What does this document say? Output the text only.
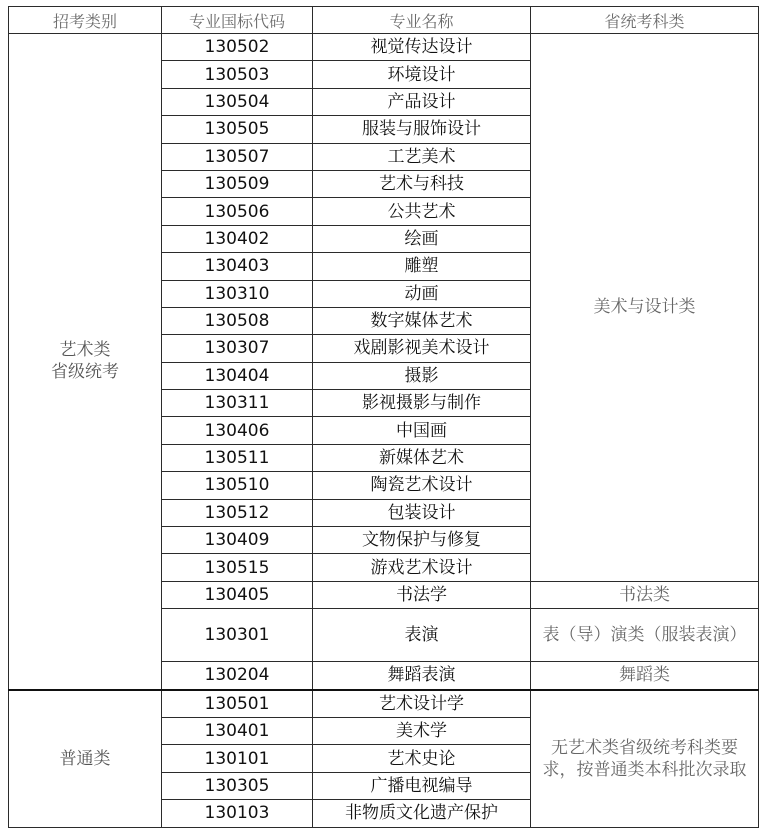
招考类别	专业国标代码	专业名称	省统考科类

艺术类
省级统考	130502	视觉传达设计	美术与设计类
	130503	环境设计	
	130504	产品设计	
	130505	服装与服饰设计	
	130507	工艺美术	
	130509	艺术与科技	
	130506	公共艺术	
	130402	绘画	
	130403	雕塑	
	130310	动画	
	130508	数字媒体艺术	
	130307	戏剧影视美术设计	
	130404	摄影	
	130311	影视摄影与制作	
	130406	中国画	
	130511	新媒体艺术	
	130510	陶瓷艺术设计	
	130512	包装设计	
	130409	文物保护与修复	
	130515	游戏艺术设计	
	130405	书法学	书法类
	130301	表演	表（导）演类（服装表演）
	130204	舞蹈表演	舞蹈类
普通类	130501	艺术设计学	无艺术类省级统考科类要求，按普通类本科批次录取
	130401	美术学	
	130101	艺术史论	
	130305	广播电视编导	
	130103	非物质文化遗产保护	
